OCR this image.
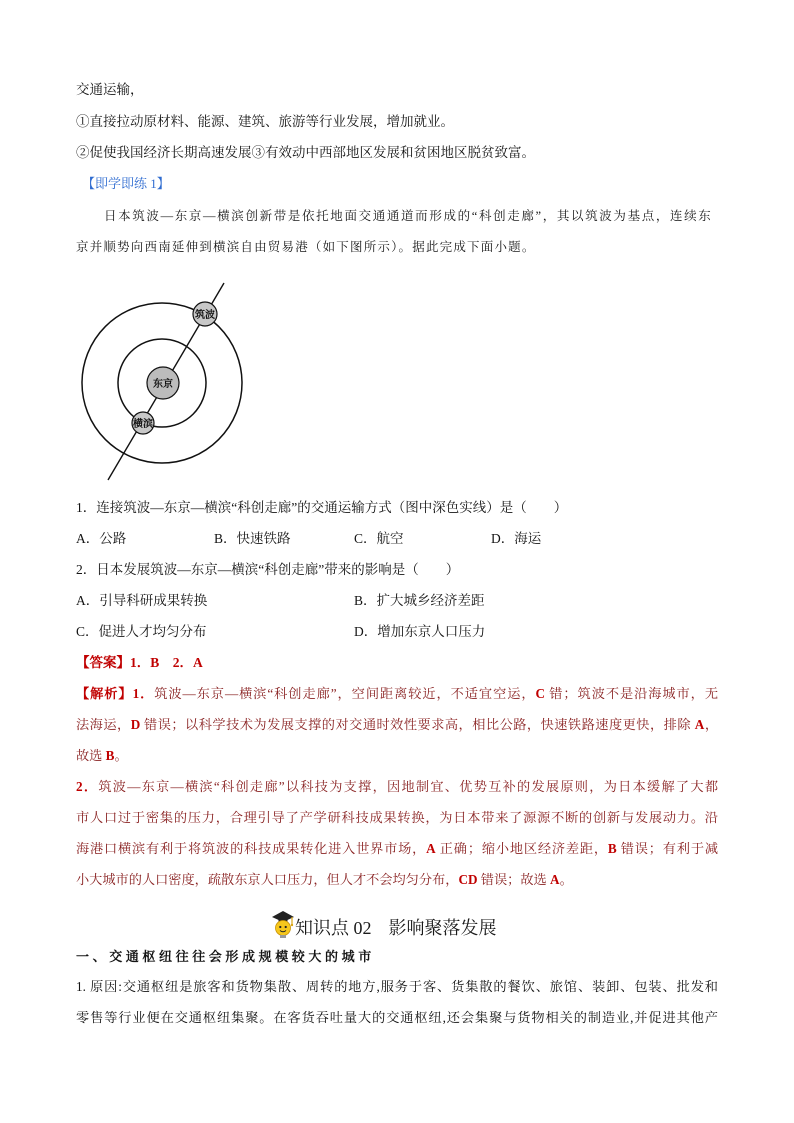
交通运输，
①直接拉动原材料、能源、建筑、旅游等行业发展，增加就业。
②促使我国经济长期高速发展③有效动中西部地区发展和贫困地区脱贫致富。
【即学即练 1】
日本筑波—东京—横滨创新带是依托地面交通通道而形成的“科创走廊”，其以筑波为基点，连续东
京并顺势向西南延伸到横滨自由贸易港（如下图所示）。据此完成下面小题。
东京
筑波
横滨
1．连接筑波—东京—横滨“科创走廊”的交通运输方式（图中深色实线）是（　　）
A．公路	B．快速铁路	C．航空	D．海运
2．日本发展筑波—东京—横滨“科创走廊”带来的影响是（　　）
A．引导科研成果转换	B．扩大城乡经济差距
C．促进人才均匀分布	D．增加东京人口压力
【答案】1．B　2．A
【解析】1．筑波—东京—横滨“科创走廊”，空间距离较近，不适宜空运，C 错；筑波不是沿海城市，无
法海运，D 错误；以科学技术为发展支撑的对交通时效性要求高，相比公路，快速铁路速度更快，排除 A，
故选 B。
2．筑波—东京—横滨“科创走廊”以科技为支撑，因地制宜、优势互补的发展原则，为日本缓解了大都
市人口过于密集的压力，合理引导了产学研科技成果转换，为日本带来了源源不断的创新与发展动力。沿
海港口横滨有利于将筑波的科技成果转化进入世界市场，A 正确；缩小地区经济差距，B 错误；有利于减
小大城市的人口密度，疏散东京人口压力，但人才不会均匀分布，CD 错误；故选 A。
知识点 02 影响聚落发展
一、交通枢纽往往会形成规模较大的城市
1. 原因:交通枢纽是旅客和货物集散、周转的地方,服务于客、货集散的餐饮、旅馆、装卸、包装、批发和
零售等行业便在交通枢纽集聚。在客货吞吐量大的交通枢纽,还会集聚与货物相关的制造业,并促进其他产
